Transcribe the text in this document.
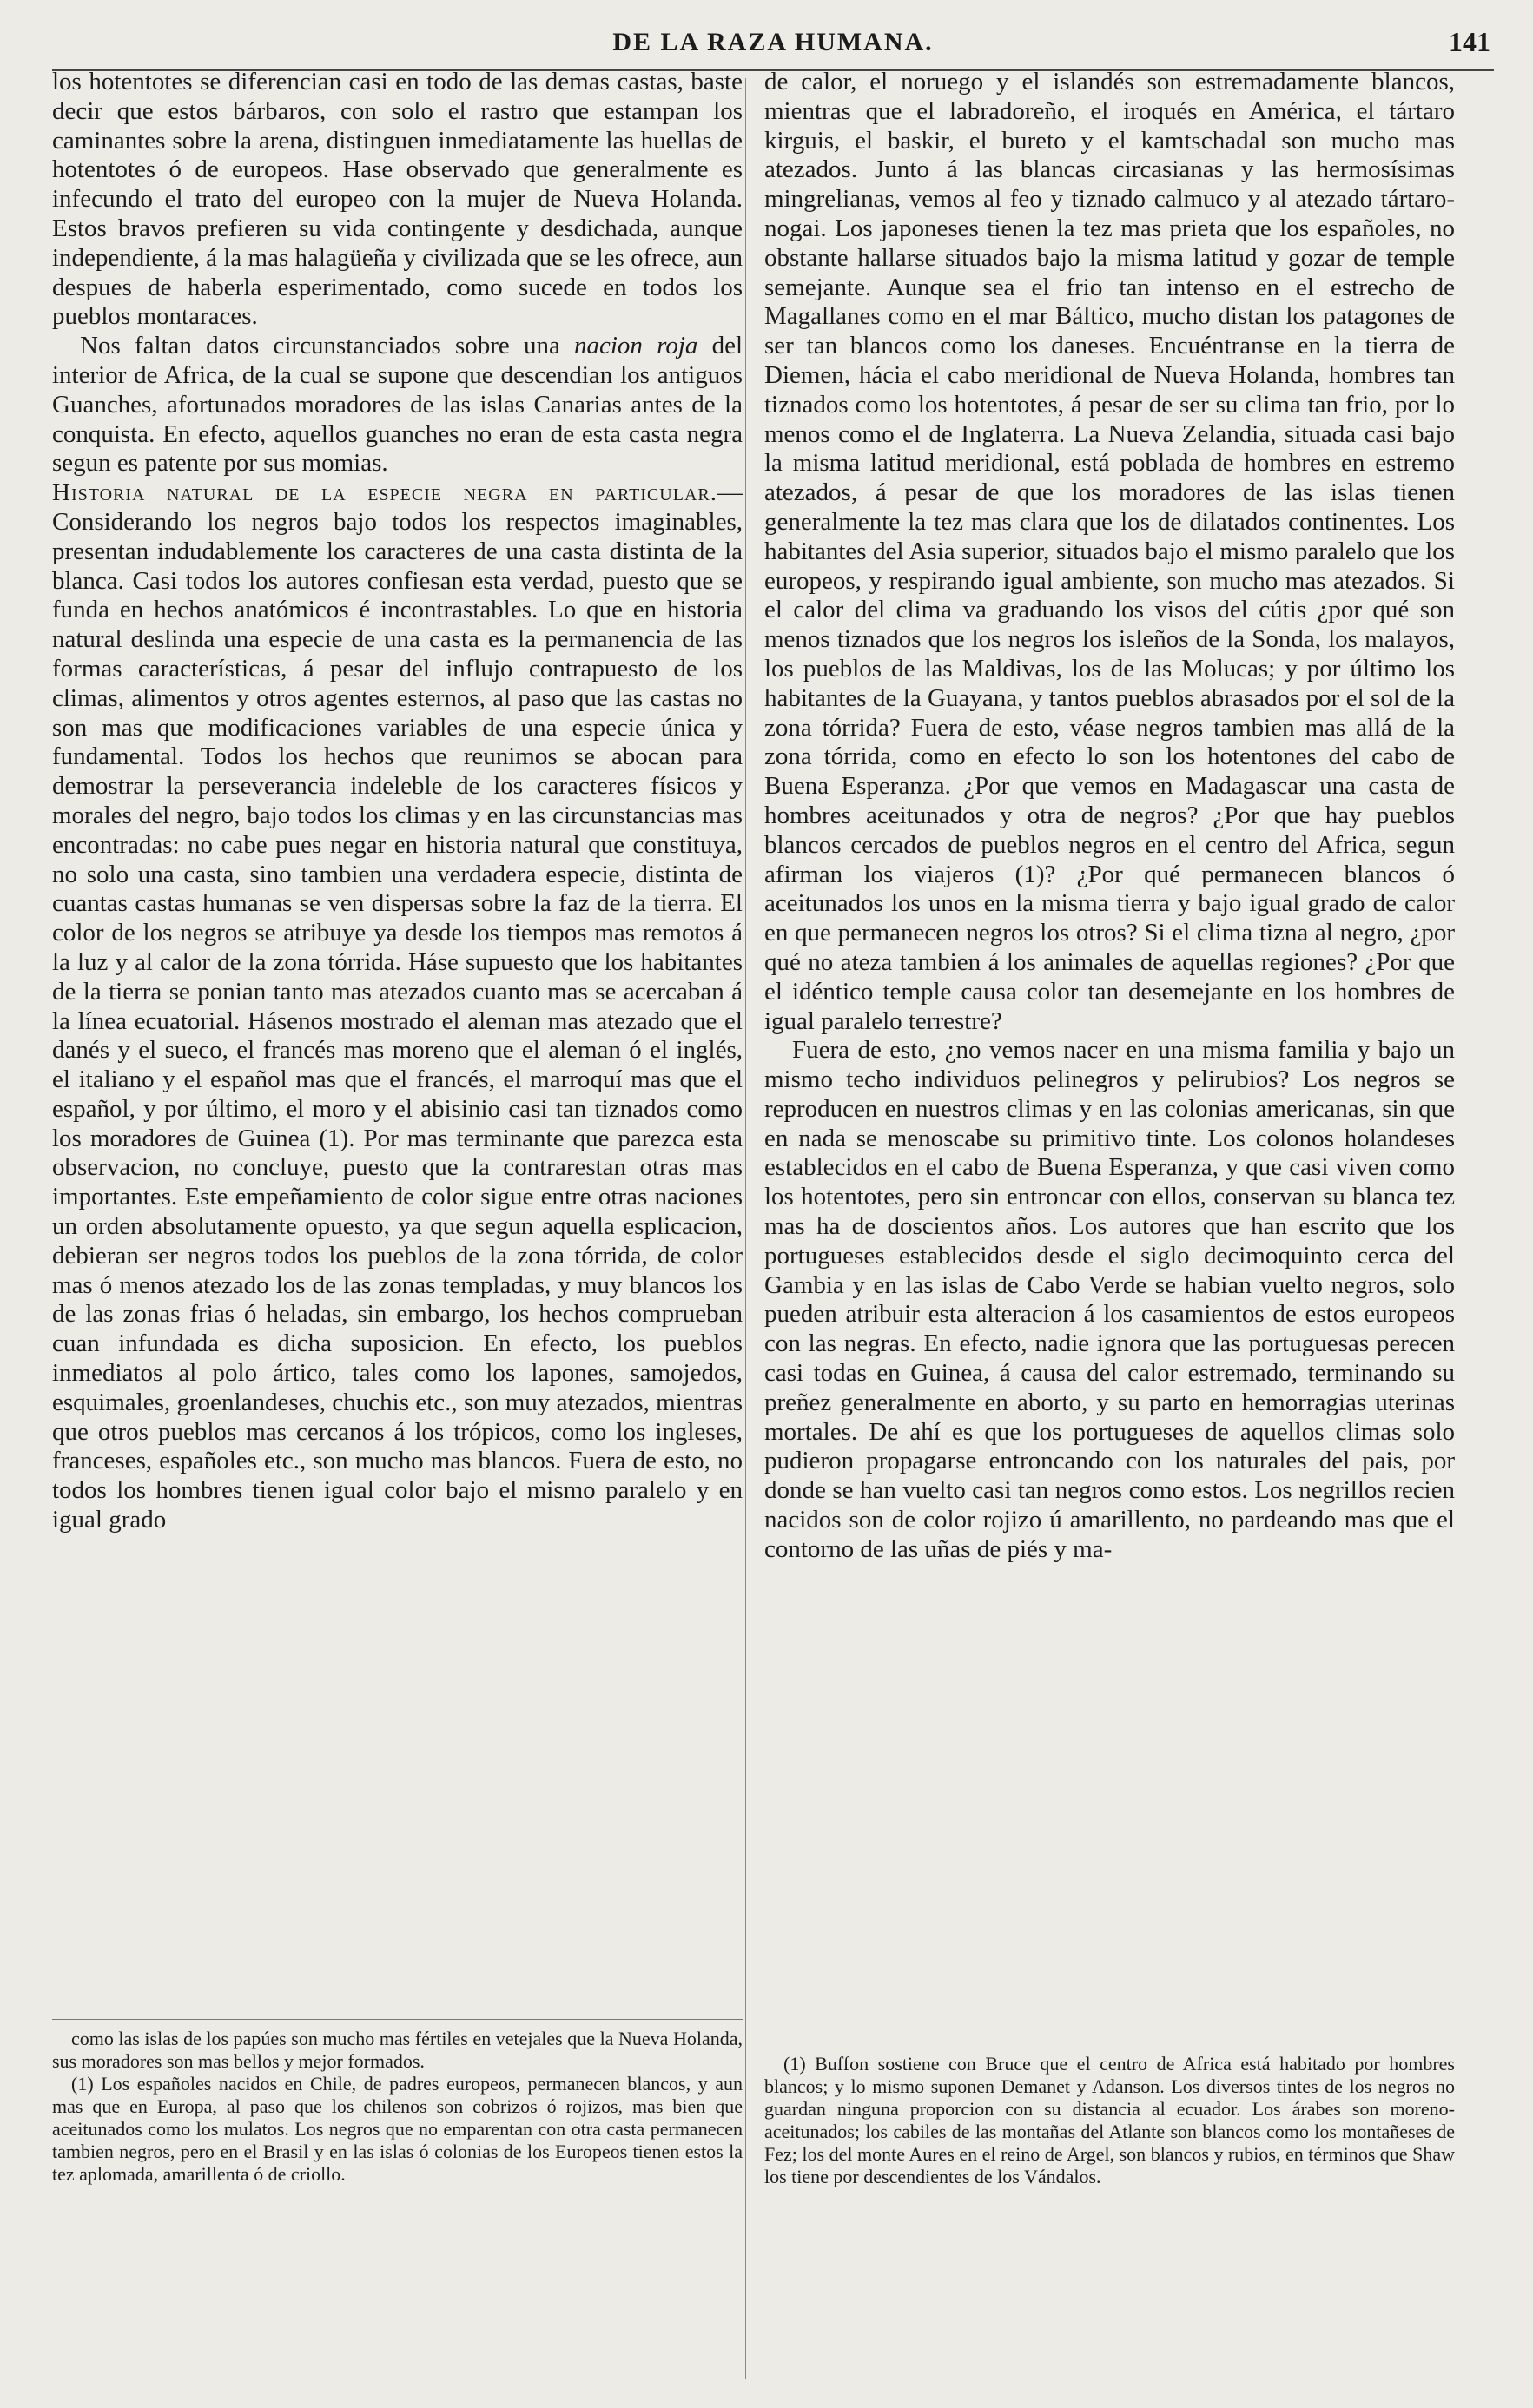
DE LA RAZA HUMANA.	141

los hotentotes se diferencian casi en todo de las demas castas, baste decir que estos bárbaros, con solo el rastro que estampan los caminantes sobre la arena, distinguen inmediatamente las huellas de hotentotes ó de europeos. Hase observado que generalmente es infecundo el trato del europeo con la mujer de Nueva Holanda. Estos bravos prefieren su vida contingente y desdichada, aunque independiente, á la mas halagüeña y civilizada que se les ofrece, aun despues de haberla esperimentado, como sucede en todos los pueblos montaraces.

Nos faltan datos circunstanciados sobre una nacion roja del interior de Africa, de la cual se supone que descendian los antiguos Guanches, afortunados moradores de las islas Canarias antes de la conquista. En efecto, aquellos guanches no eran de esta casta negra segun es patente por sus momias.

Historia natural de la especie negra en particular.—Considerando los negros bajo todos los respectos imaginables, presentan indudablemente los caracteres de una casta distinta de la blanca. Casi todos los autores confiesan esta verdad, puesto que se funda en hechos anatómicos é incontrastables. Lo que en historia natural deslinda una especie de una casta es la permanencia de las formas características, á pesar del influjo contrapuesto de los climas, alimentos y otros agentes esternos, al paso que las castas no son mas que modificaciones variables de una especie única y fundamental. Todos los hechos que reunimos se abocan para demostrar la perseverancia indeleble de los caracteres físicos y morales del negro, bajo todos los climas y en las circunstancias mas encontradas: no cabe pues negar en historia natural que constituya, no solo una casta, sino tambien una verdadera especie, distinta de cuantas castas humanas se ven dispersas sobre la faz de la tierra. El color de los negros se atribuye ya desde los tiempos mas remotos á la luz y al calor de la zona tórrida. Háse supuesto que los habitantes de la tierra se ponian tanto mas atezados cuanto mas se acercaban á la línea ecuatorial. Hásenos mostrado el aleman mas atezado que el danés y el sueco, el francés mas moreno que el aleman ó el inglés, el italiano y el español mas que el francés, el marroquí mas que el español, y por último, el moro y el abisinio casi tan tiznados como los moradores de Guinea (1). Por mas terminante que parezca esta observacion, no concluye, puesto que la contrarestan otras mas importantes. Este empeñamiento de color sigue entre otras naciones un orden absolutamente opuesto, ya que segun aquella esplicacion, debieran ser negros todos los pueblos de la zona tórrida, de color mas ó menos atezado los de las zonas templadas, y muy blancos los de las zonas frias ó heladas, sin embargo, los hechos comprueban cuan infundada es dicha suposicion. En efecto, los pueblos inmediatos al polo ártico, tales como los lapones, samojedos, esquimales, groenlandeses, chuchis etc., son muy atezados, mientras que otros pueblos mas cercanos á los trópicos, como los ingleses, franceses, españoles etc., son mucho mas blancos. Fuera de esto, no todos los hombres tienen igual color bajo el mismo paralelo y en igual grado

de calor, el noruego y el islandés son estremadamente blancos, mientras que el labradoreño, el iroqués en América, el tártaro kirguis, el baskir, el bureto y el kamtschadal son mucho mas atezados. Junto á las blancas circasianas y las hermosísimas mingrelianas, vemos al feo y tiznado calmuco y al atezado tártaro-nogai. Los japoneses tienen la tez mas prieta que los españoles, no obstante hallarse situados bajo la misma latitud y gozar de temple semejante. Aunque sea el frio tan intenso en el estrecho de Magallanes como en el mar Báltico, mucho distan los patagones de ser tan blancos como los daneses. Encuéntranse en la tierra de Diemen, hácia el cabo meridional de Nueva Holanda, hombres tan tiznados como los hotentotes, á pesar de ser su clima tan frio, por lo menos como el de Inglaterra. La Nueva Zelandia, situada casi bajo la misma latitud meridional, está poblada de hombres en estremo atezados, á pesar de que los moradores de las islas tienen generalmente la tez mas clara que los de dilatados continentes. Los habitantes del Asia superior, situados bajo el mismo paralelo que los europeos, y respirando igual ambiente, son mucho mas atezados. Si el calor del clima va graduando los visos del cútis ¿por qué son menos tiznados que los negros los isleños de la Sonda, los malayos, los pueblos de las Maldivas, los de las Molucas; y por último los habitantes de la Guayana, y tantos pueblos abrasados por el sol de la zona tórrida? Fuera de esto, véase negros tambien mas allá de la zona tórrida, como en efecto lo son los hotentones del cabo de Buena Esperanza. ¿Por que vemos en Madagascar una casta de hombres aceitunados y otra de negros? ¿Por que hay pueblos blancos cercados de pueblos negros en el centro del Africa, segun afirman los viajeros (1)? ¿Por qué permanecen blancos ó aceitunados los unos en la misma tierra y bajo igual grado de calor en que permanecen negros los otros? Si el clima tizna al negro, ¿por qué no ateza tambien á los animales de aquellas regiones? ¿Por que el idéntico temple causa color tan desemejante en los hombres de igual paralelo terrestre?

Fuera de esto, ¿no vemos nacer en una misma familia y bajo un mismo techo individuos pelinegros y pelirubios? Los negros se reproducen en nuestros climas y en las colonias americanas, sin que en nada se menoscabe su primitivo tinte. Los colonos holandeses establecidos en el cabo de Buena Esperanza, y que casi viven como los hotentotes, pero sin entroncar con ellos, conservan su blanca tez mas ha de doscientos años. Los autores que han escrito que los portugueses establecidos desde el siglo decimoquinto cerca del Gambia y en las islas de Cabo Verde se habian vuelto negros, solo pueden atribuir esta alteracion á los casamientos de estos europeos con las negras. En efecto, nadie ignora que las portuguesas perecen casi todas en Guinea, á causa del calor estremado, terminando su preñez generalmente en aborto, y su parto en hemorragias uterinas mortales. De ahí es que los portugueses de aquellos climas solo pudieron propagarse entroncando con los naturales del pais, por donde se han vuelto casi tan negros como estos. Los negrillos recien nacidos son de color rojizo ú amarillento, no pardeando mas que el contorno de las uñas de piés y ma-

como las islas de los papúes son mucho mas fértiles en vetejales que la Nueva Holanda, sus moradores son mas bellos y mejor formados.

(1) Los españoles nacidos en Chile, de padres europeos, permanecen blancos, y aun mas que en Europa, al paso que los chilenos son cobrizos ó rojizos, mas bien que aceitunados como los mulatos. Los negros que no emparentan con otra casta permanecen tambien negros, pero en el Brasil y en las islas ó colonias de los Europeos tienen estos la tez aplomada, amarillenta ó de criollo.

(1) Buffon sostiene con Bruce que el centro de Africa está habitado por hombres blancos; y lo mismo suponen Demanet y Adanson. Los diversos tintes de los negros no guardan ninguna proporcion con su distancia al ecuador. Los árabes son moreno-aceitunados; los cabiles de las montañas del Atlante son blancos como los montañeses de Fez; los del monte Aures en el reino de Argel, son blancos y rubios, en términos que Shaw los tiene por descendientes de los Vándalos.
